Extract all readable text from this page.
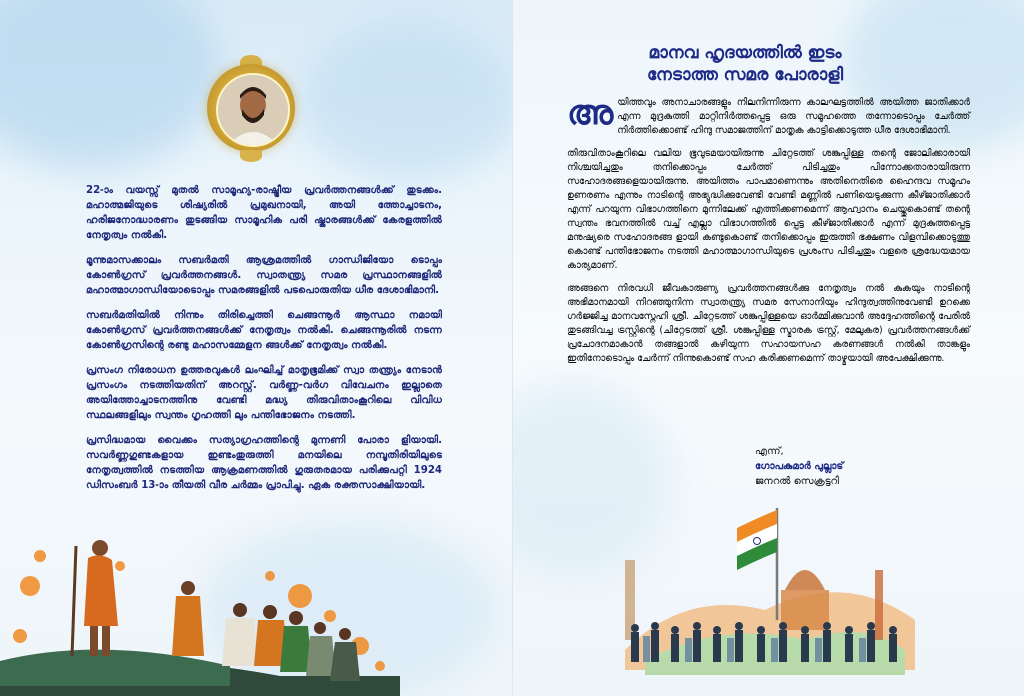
22-ാം വയസ്സ് മുതൽ സാമൂഹ്യ-രാഷ്ട്രീയ പ്രവർത്തനങ്ങൾക്ക് തുടക്കം. മഹാത്മജിയുടെ ശിഷ്യരിൽ പ്രമുഖനായി, അയി ത്തോച്ചാടനം, ഹരിജനോദ്ധാരണം തുടങ്ങിയ സാമൂഹിക പരി ഷ്കാരങ്ങൾക്ക് കേരളത്തിൽ നേതൃത്വം നൽകി.

മൂന്നുമാസക്കാലം സബർമതി ആശ്രമത്തിൽ ഗാന്ധിജിയോ ടൊപ്പം കോൺഗ്രസ് പ്രവർത്തനങ്ങൾ. സ്വാതന്ത്ര്യ സമര പ്രസ്ഥാനങ്ങളിൽ മഹാത്മാഗാന്ധിയോടൊപ്പം സമരങ്ങളിൽ പടപൊരുതിയ ധീര ദേശാഭിമാനി.

സബർമതിയിൽ നിന്നും തിരിച്ചെത്തി ചെങ്ങന്നൂർ ആസ്ഥാ നമായി കോൺഗ്രസ് പ്രവർത്തനങ്ങൾക്ക് നേതൃത്വം നൽകി. ചെങ്ങന്നൂരിൽ നടന്ന കോൺഗ്രസിന്റെ രണ്ടു മഹാസമ്മേളന ങ്ങൾക്ക് നേതൃത്വം നൽകി.

പ്രസംഗ നിരോധന ഉത്തരവുകൾ ലംഘിച്ച് മാതൃഭൂമിക്ക് സ്വാ തന്ത്ര്യം നേടാൻ പ്രസംഗം നടത്തിയതിന് അറസ്റ്റ്. വർണ്ണ-വർഗ വിവേചനം ഇല്ലാതെ അയിത്തോച്ചാടനത്തിനു വേണ്ടി മദ്ധ്യ തിരുവിതാംകൂറിലെ വിവിധ സ്ഥലങ്ങളിലും സ്വന്തം ഗൃഹത്തി ലും പന്തിഭോജനം നടത്തി.

പ്രസിദ്ധമായ വൈക്കം സത്യാഗ്രഹത്തിന്റെ മുന്നണി പോരാ ളിയായി. സവർണ്ണഗുണ്ടകളായ ഇണ്ടംതുരുത്തി മനയിലെ നമ്പൂതിരിയിലുടെ നേതൃത്വത്തിൽ നടത്തിയ ആക്രമണത്തിൽ ഗുരുതരമായ പരിക്കുപറ്റി 1924 ഡിസംബർ 13-ാം തീയതി വീര ചർമ്മം പ്രാപിച്ചു. ഏക രക്തസാക്ഷിയായി.

മാനവ ഹൃദയത്തിൽ ഇടം
നേടാത്ത സമര പോരാളി

അയിത്തവും അനാചാരങ്ങളും നിലനിന്നിരുന്ന കാലഘട്ടത്തിൽ അയിത്ത ജാതിക്കാർ എന്ന മുദ്രകുത്തി മാറ്റിനിർത്തപ്പെട്ട ഒരു സമൂഹത്തെ തന്നോടൊപ്പം ചേർത്ത് നിർത്തിക്കൊണ്ട് ഹിന്ദു സമാജത്തിന് മാതൃക കാട്ടിക്കൊടുത്ത ധീര ദേശാഭിമാനി.

തിരുവിതാംകൂറിലെ വലിയ ഭൂവുടമയായിരുന്നു ചിറ്റേടത്ത് ശങ്കുപ്പിള്ള തന്റെ ജോലിക്കാരായി നിശ്ചയിച്ചതും തനിക്കൊപ്പം ചേർത്ത് പിടിച്ചതും പിന്നോക്കതാരായിരുന്ന സഹോദരങ്ങളെയായിരുന്നു. അയിത്തം പാപമാണെന്നും അതിനെതിരെ ഹൈന്ദവ സമൂഹം ഉണരണം എന്നും നാടിന്റെ അഭ്യുദ്ധിക്കുവേണ്ടി വേണ്ടി മണ്ണിൽ പണിയെടുക്കുന്ന കീഴ്ജാതിക്കാർ എന്ന് പറയുന്ന വിഭാഗത്തിനെ മുന്നിലേക്ക് എത്തിക്കണമെന്ന് ആഹ്വാനം ചെയ്തുകൊണ്ട് തന്റെ സ്വന്തം ഭവനത്തിൽ വച്ച് എല്ലാ വിഭാഗത്തിൽ പ്പെട്ട കീഴ്ജാതിക്കാർ എന്ന് മുദ്രകുത്തപ്പെട്ട മനുഷ്യരെ സഹോദരങ്ങ ളായി കണ്ടുകൊണ്ട് തനിക്കൊപ്പം ഇരുത്തി ഭക്ഷണം വിളമ്പിക്കൊടുത്തു കൊണ്ട് പന്തിഭോജനം നടത്തി മഹാത്മാഗാന്ധിയുടെ പ്രശംസ പിടിച്ചതും വളരെ ശ്രദ്ധേയമായ കാര്യമാണ്.

അങ്ങനെ നിരവധി ജീവകാരുണ്യ പ്രവർത്തനങ്ങൾക്കു നേതൃത്വം നൽ കുകയും നാടിന്റെ അഭിമാനമായി നിറഞ്ഞുനിന്ന സ്വാതന്ത്ര്യ സമര സേനാനിയും ഹിന്ദുത്വത്തിനുവേണ്ടി ഉറക്കെ ഗർജ്ജിച്ച മാനവസ്നേഹി ശ്രീ. ചിറ്റേടത്ത് ശങ്കുപ്പിള്ളയെ ഓർമ്മിക്കുവാൻ അദ്ദേഹത്തിന്റെ പേരിൽ തുടങ്ങിവച്ച ട്രസ്റ്റിന്റെ (ചിറ്റേടത്ത് ശ്രീ. ശങ്കുപ്പിള്ള സ്മാരക ട്രസ്റ്റ്, മേലുകര) പ്രവർത്തനങ്ങൾക്ക് പ്രചോദനമാകാൻ തങ്ങളാൽ കഴിയുന്ന സഹായസഹ കരണങ്ങൾ നൽകി താങ്കളും ഇതിനോടൊപ്പം ചേർന്ന് നിന്നുകൊണ്ട് സഹ കരിക്കണമെന്ന് താഴ്മയായി അപേക്ഷിക്കുന്നു.

എന്ന്,
ഗോപകുമാർ പുല്ലാട്
ജനറൽ സെക്രട്ടറി
